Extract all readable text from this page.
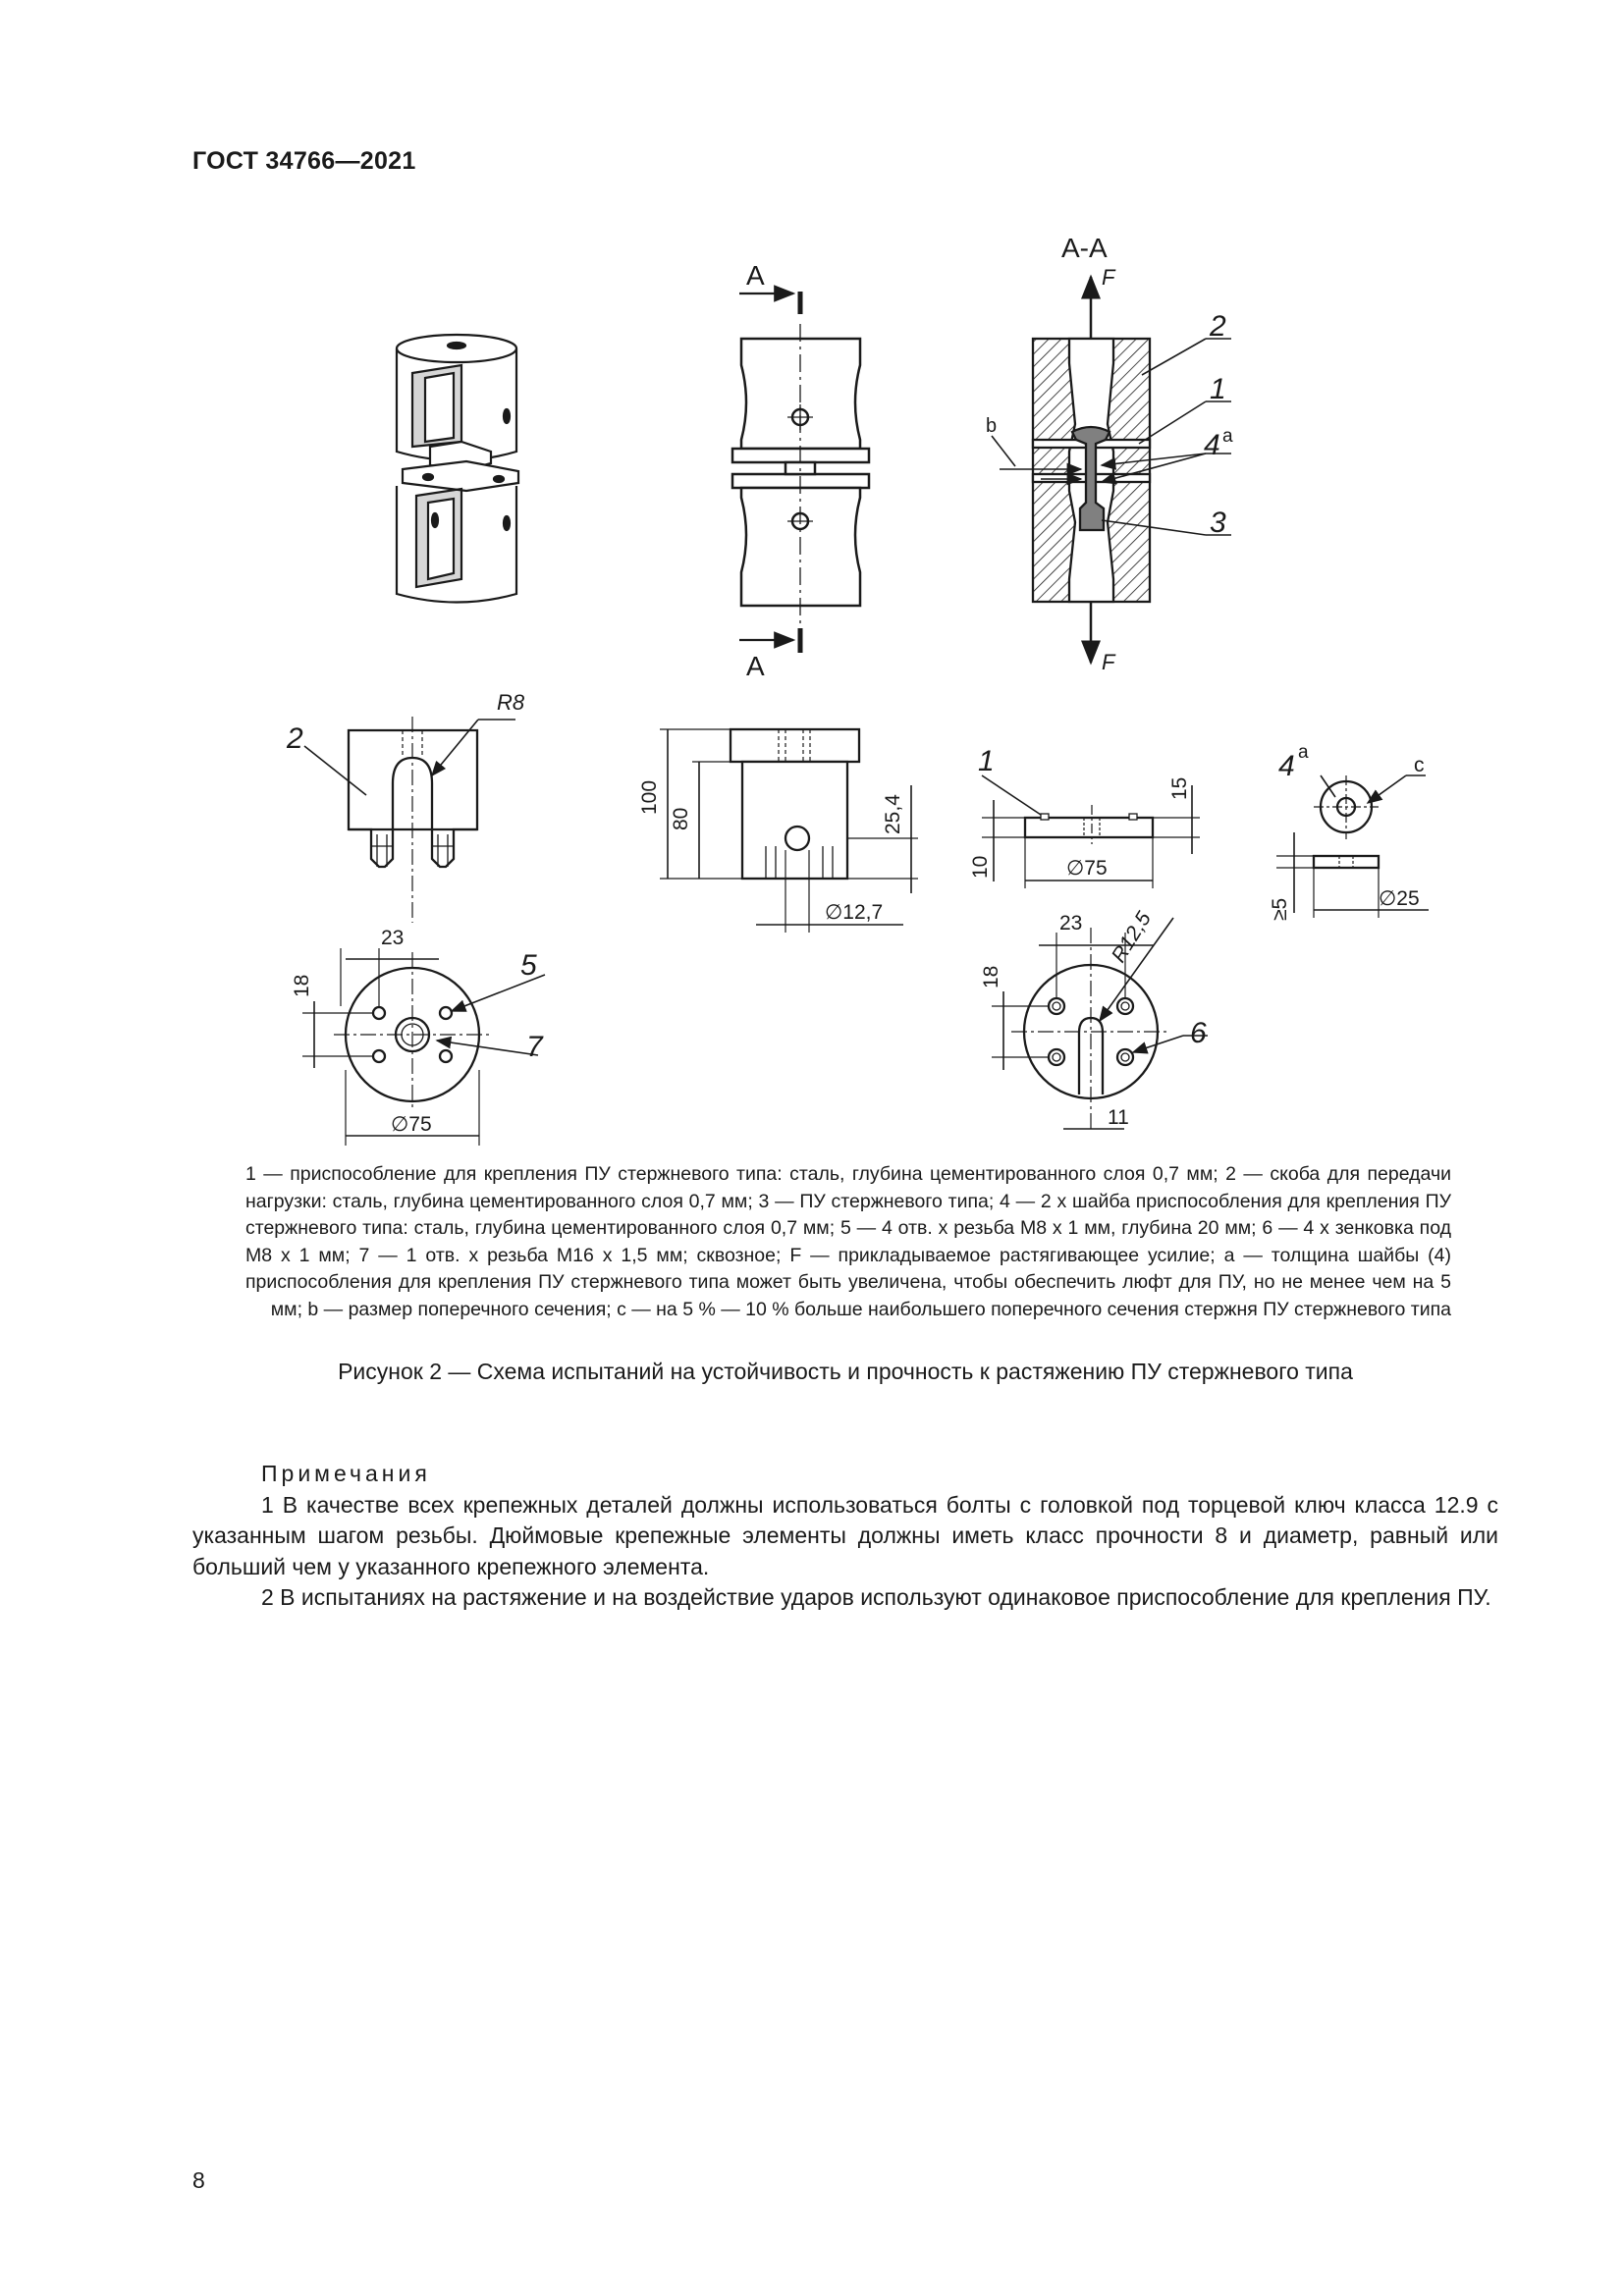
ГОСТ 34766—2021
А
А
А-А
F
F
2
1
4 а
3
b
2
R8
23
18
∅75
5
7
100
80	25,4
∅12,7
1
15
10	∅75
23
18
R12,5
6
11
4 а
с
≥5	∅25

1 — приспособление для крепления ПУ стержневого типа: сталь, глубина цементированного слоя 0,7 мм; 2 — скоба для передачи нагрузки: сталь, глубина цементированного слоя 0,7 мм; 3 — ПУ стержневого типа; 4 — 2 х шайба приспособления для крепления ПУ стержневого типа: сталь, глубина цементированного слоя 0,7 мм; 5 — 4 отв. х резьба М8 х 1 мм, глубина 20 мм; 6 — 4 х зенковка под М8 х 1 мм; 7 — 1 отв. х резьба М16 х 1,5 мм; сквозное; F — прикладываемое растягивающее усилие; а — толщина шайбы (4) приспособления для крепления ПУ стержневого типа может быть увеличена, чтобы обеспечить люфт для ПУ, но не менее чем на 5 мм; b — размер поперечного сечения; с — на 5 % — 10 % больше наибольшего поперечного сечения стержня ПУ стержневого типа

Рисунок 2 — Схема испытаний на устойчивость и прочность к растяжению ПУ стержневого типа
Примечания

1 В качестве всех крепежных деталей должны использоваться болты с головкой под торцевой ключ класса 12.9 с указанным шагом резьбы. Дюймовые крепежные элементы должны иметь класс прочности 8 и диаметр, равный или больший чем у указанного крепежного элемента.

2 В испытаниях на растяжение и на воздействие ударов используют одинаковое приспособление для крепления ПУ.

8
